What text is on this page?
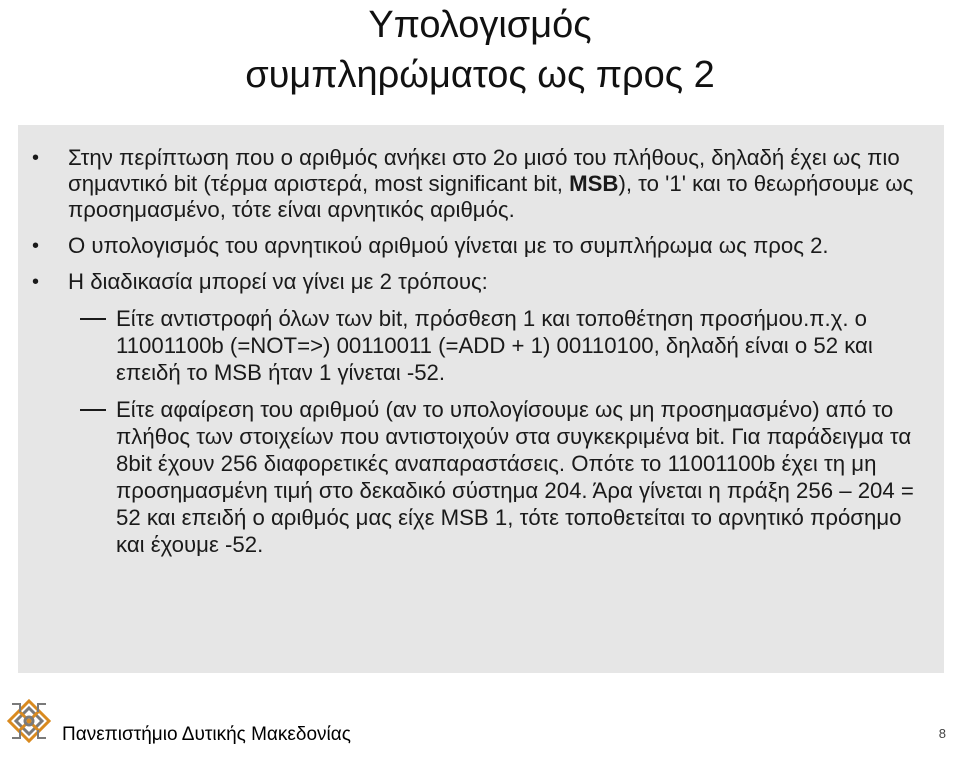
Υπολογισμός
συμπληρώματος ως προς 2
• Στην περίπτωση που ο αριθμός ανήκει στο 2ο μισό του πλήθους, δηλαδή έχει ως πιο σημαντικό bit (τέρμα αριστερά, most significant bit, MSB), το '1' και το θεωρήσουμε ως προσημασμένο, τότε είναι αρνητικός αριθμός.
• Ο υπολογισμός του αρνητικού αριθμού γίνεται με το συμπλήρωμα ως προς 2.
• Η διαδικασία μπορεί να γίνει με 2 τρόπους:
Είτε αντιστροφή όλων των bit, πρόσθεση 1 και τοποθέτηση προσήμου.π.χ. ο 11001100b (=NOT=>) 00110011 (=ADD + 1) 00110100, δηλαδή είναι ο 52 και επειδή το MSB ήταν 1 γίνεται -52.
Είτε αφαίρεση του αριθμού (αν το υπολογίσουμε ως μη προσημασμένο) από το πλήθος των στοιχείων που αντιστοιχούν στα συγκεκριμένα bit. Για παράδειγμα τα 8bit έχουν 256 διαφορετικές αναπαραστάσεις. Οπότε το 11001100b έχει τη μη προσημασμένη τιμή στο δεκαδικό σύστημα 204. Άρα γίνεται η πράξη 256 – 204 = 52 και επειδή ο αριθμός μας είχε MSB 1, τότε τοποθετείται το αρνητικό πρόσημο και έχουμε -52.
Πανεπιστήμιο Δυτικής Μακεδονίας	8
